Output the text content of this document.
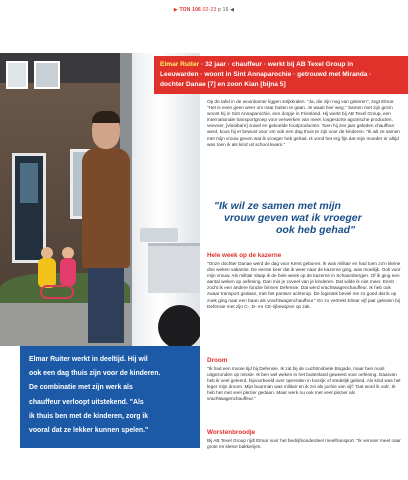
▶ TON 106 02-23 p 16 ◀
Elmar Ruiter · 32 jaar · chauffeur · werkt bij AB Texel Group in
Leeuwarden · woont in Sint Annaparochie · getrouwd met Miranda ·
dochter Danae [7] en zoon Kian [bijna 5]

Op de tafel in de woonkamer liggen strijkkralen. "Ja, die zijn nog van gisteren", zegt Elmar. "Het is even geen weer om naar buiten te gaan. Je waait hier weg." Samen met zijn gezin woont hij in Sint Annaparochie, een dorpje in Friesland. Hij werkt bij AB Texel Group, een internationale transportgroep voor verwerken van meel, losgestorte agrarische producten, veevoer, [vloeibare] zuivel en gekoelde foodproducten. Toen hij zes jaar geleden chauffeur werd, koos hij er bewust voor om ook een dag thuis te zijn voor de kinderen. "Ik wil ze samen met mijn vrouw geven wat ik vroeger heb gehad. Ik vond het erg fijn dat mijn moeder er altijd was toen ik als kind uit school kwam."

"Ik wil ze samen met mijn
vrouw geven wat ik vroeger
ook heb gehad"
Hele week op de kazerne

"Onze dochter Danae werd de dag voor Kerst geboren. Ik was militair en had toen zo'n kleine drie weken vakantie. De eerste keer dat ik weer naar de kazerne ging, was moeilijk. Ook voor mijn vrouw. Als militair slaap ik de hele week op de kazerne in Schaarsbergen. Of ik ging een aantal weken op oefening. Dan mis je zoveel van je kinderen. Dat wilde ik niet meer. Eerst zocht ik een andere functie binnen Defensie. Dat werd vrachtwagenchauffeur. Ik heb ook zwaar transport gedaan, met het pantser achterop. De logistiek beviel me zo goed dat ik op zoek ging naar een baan als vrachtwagenchauffeur." En zo vertrekt Elmar vijf jaar geleden bij Defensie met zijn C-, D- en CE-rijbewijzen op zak.

Droom

"Ik had een mooie tijd bij Defensie. Ik zat bij de Luchtmobiele Brigade, maar ben nooit uitgezonden op missie. Ik ben wel weken in het buitenland geweest voor oefening. Daarvan heb ik veel geleerd, bijvoorbeeld over opereden in bosrijk of stedelijk gebied. Als kind was het leger mijn droom. Mijn buurman was militair en ik zei als jochie van vijf: 'Dat word ik ook'. Ik heb het met veel plezier gedaan. Maar werk nu ook met veel plezier als vrachtwagenchauffeur."

Worstenbroodje

Bij AB Texel Group rijdt Elmar voor het bedrijfsonderdeel meelfransport. "Ik vervoer meel naar grote en kleine bakkerijen.

Elmar Ruiter werkt in deeltijd. Hij wil
ook een dag thuis zijn voor de kinderen.
De combinatie met zijn werk als
chauffeur verloopt uitstekend. "Als
ik thuis ben met de kinderen, zorg ik
vooral dat ze lekker kunnen spelen."
